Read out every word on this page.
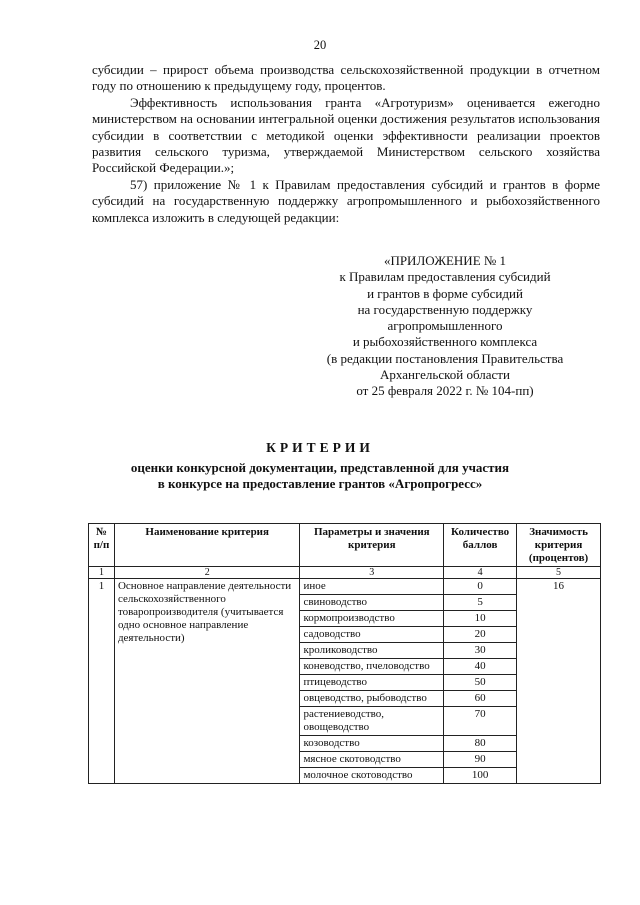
20

субсидии – прирост объема производства сельскохозяйственной продукции в отчетном году по отношению к предыдущему году, процентов.

Эффективность использования гранта «Агротуризм» оценивается ежегодно министерством на основании интегральной оценки достижения результатов использования субсидии в соответствии с методикой оценки эффективности реализации проектов развития сельского туризма, утверждаемой Министерством сельского хозяйства Российской Федерации.»;

57) приложение № 1 к Правилам предоставления субсидий и грантов в форме субсидий на государственную поддержку агропромышленного и рыбохозяйственного комплекса изложить в следующей редакции:

«ПРИЛОЖЕНИЕ № 1
к Правилам предоставления субсидий
и грантов в форме субсидий
на государственную поддержку
агропромышленного
и рыбохозяйственного комплекса
(в редакции постановления Правительства
Архангельской области
от 25 февраля 2022 г. № 104-пп)
КРИТЕРИИ
оценки конкурсной документации, представленной для участия
в конкурсе на предоставление грантов «Агропрогресс»
№ п/п	Наименование критерия	Параметры и значения критерия	Количество баллов	Значимость критерия (процентов)
1	2	3	4	5
1	Основное направление деятельности сельскохозяйственного товаропроизводителя (учитывается одно основное направление деятельности)	иное	0	16
		свиноводство	5	
		кормопроизводство	10	
		садоводство	20	
		кролиководство	30	
		коневодство, пчеловодство	40	
		птицеводство	50	
		овцеводство, рыбоводство	60	
		растениеводство, овощеводство	70	
		козоводство	80	
		мясное скотоводство	90	
		молочное скотоводство	100	
